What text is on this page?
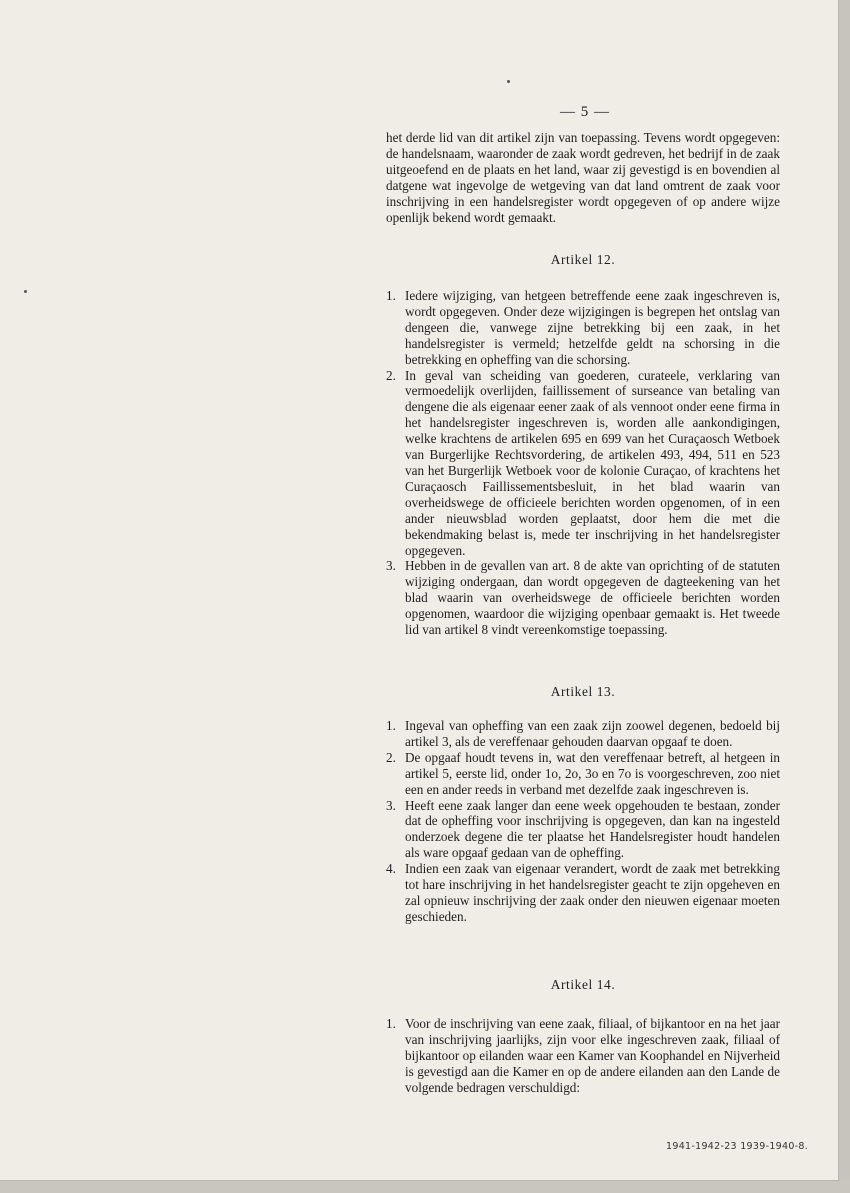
— 5 —

het derde lid van dit artikel zijn van toepassing. Tevens wordt opgegeven: de handelsnaam, waaronder de zaak wordt gedreven, het bedrijf in de zaak uitgeoefend en de plaats en het land, waar zij gevestigd is en bovendien al datgene wat ingevolge de wetgeving van dat land omtrent de zaak voor inschrijving in een handelsregister wordt opgegeven of op andere wijze openlijk bekend wordt gemaakt.

Artikel 12.
1. Iedere wijziging, van hetgeen betreffende eene zaak ingeschreven is, wordt opgegeven. Onder deze wijzigingen is begrepen het ontslag van dengeen die, vanwege zijne betrekking bij een zaak, in het handelsregister is vermeld; hetzelfde geldt na schorsing in die betrekking en opheffing van die schorsing.
2. In geval van scheiding van goederen, curateele, verklaring van vermoedelijk overlijden, faillissement of surseance van betaling van dengene die als eigenaar eener zaak of als vennoot onder eene firma in het handelsregister ingeschreven is, worden alle aankondigingen, welke krachtens de artikelen 695 en 699 van het Curaçaosch Wetboek van Burgerlijke Rechtsvordering, de artikelen 493, 494, 511 en 523 van het Burgerlijk Wetboek voor de kolonie Curaçao, of krachtens het Curaçaosch Faillissementsbesluit, in het blad waarin van overheidswege de officieele berichten worden opgenomen, of in een ander nieuwsblad worden geplaatst, door hem die met die bekendmaking belast is, mede ter inschrijving in het handelsregister opgegeven.
3. Hebben in de gevallen van art. 8 de akte van oprichting of de statuten wijziging ondergaan, dan wordt opgegeven de dagteekening van het blad waarin van overheidswege de officieele berichten worden opgenomen, waardoor die wijziging openbaar gemaakt is. Het tweede lid van artikel 8 vindt vereenkomstige toepassing.
Artikel 13.
1. Ingeval van opheffing van een zaak zijn zoowel degenen, bedoeld bij artikel 3, als de vereffenaar gehouden daarvan opgaaf te doen.
2. De opgaaf houdt tevens in, wat den vereffenaar betreft, al hetgeen in artikel 5, eerste lid, onder 1o, 2o, 3o en 7o is voorgeschreven, zoo niet een en ander reeds in verband met dezelfde zaak ingeschreven is.
3. Heeft eene zaak langer dan eene week opgehouden te bestaan, zonder dat de opheffing voor inschrijving is opgegeven, dan kan na ingesteld onderzoek degene die ter plaatse het Handelsregister houdt handelen als ware opgaaf gedaan van de opheffing.
4. Indien een zaak van eigenaar verandert, wordt de zaak met betrekking tot hare inschrijving in het handelsregister geacht te zijn opgeheven en zal opnieuw inschrijving der zaak onder den nieuwen eigenaar moeten geschieden.
Artikel 14.
1. Voor de inschrijving van eene zaak, filiaal, of bijkantoor en na het jaar van inschrijving jaarlijks, zijn voor elke ingeschreven zaak, filiaal of bijkantoor op eilanden waar een Kamer van Koophandel en Nijverheid is gevestigd aan die Kamer en op de andere eilanden aan den Lande de volgende bedragen verschuldigd:
1941-1942-23 1939-1940-8.
